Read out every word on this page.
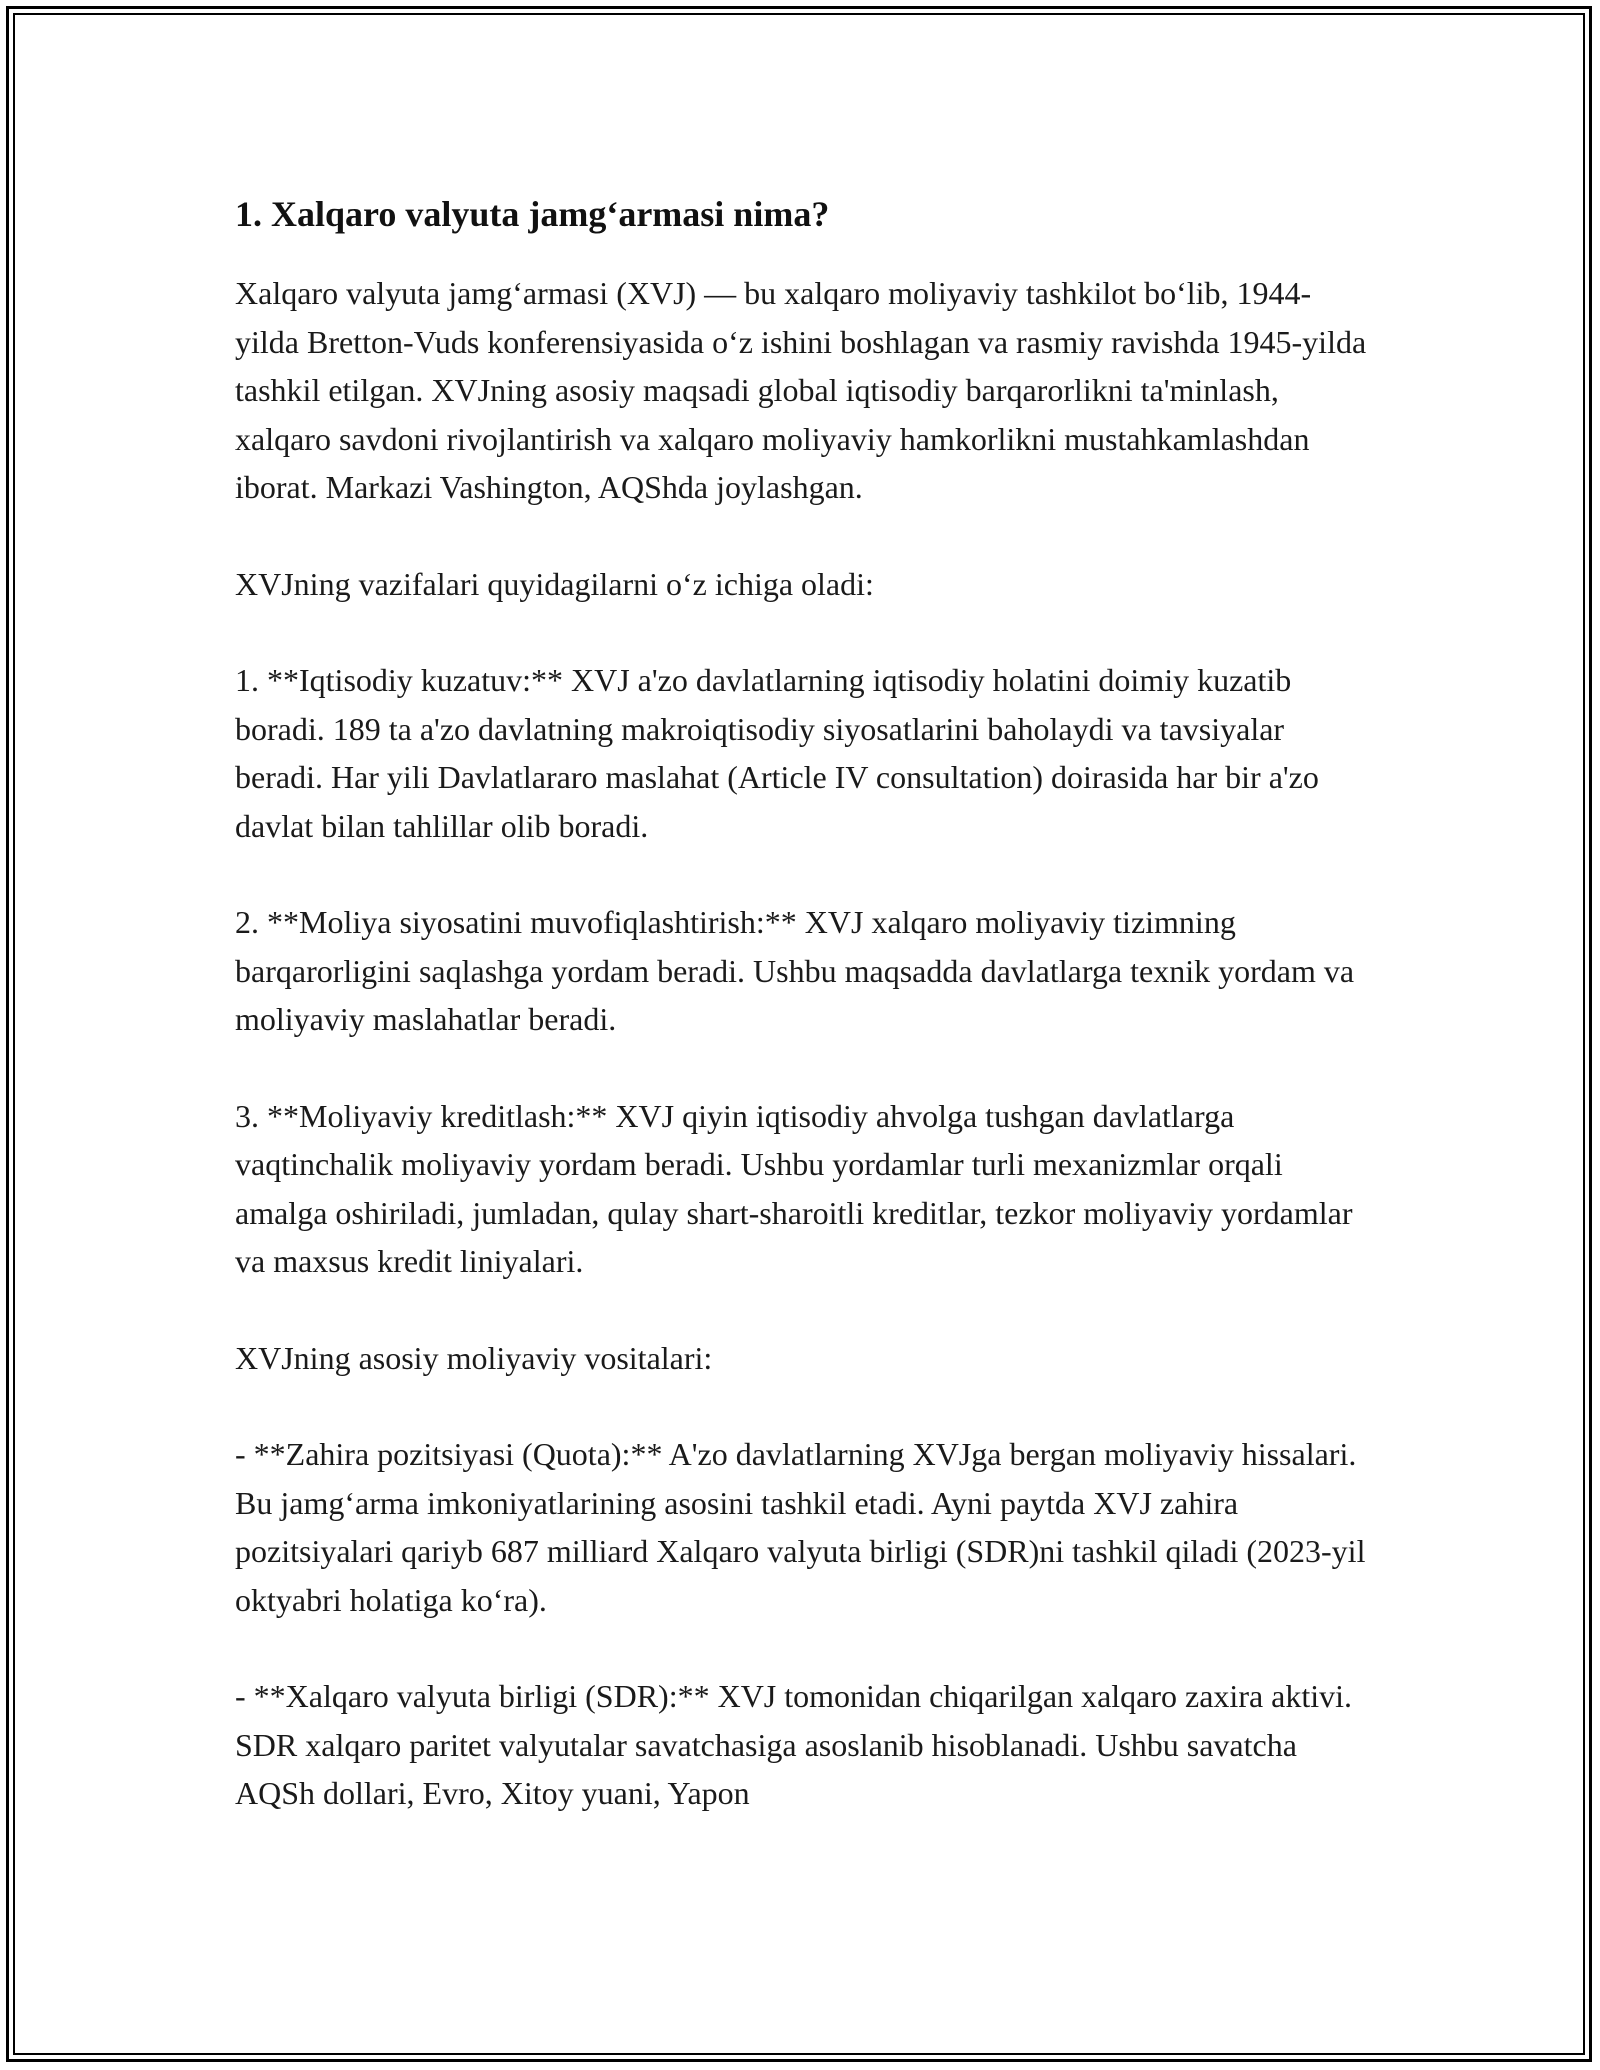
1. Xalqaro valyuta jamg‘armasi nima?

Xalqaro valyuta jamg‘armasi (XVJ) — bu xalqaro moliyaviy tashkilot bo‘lib, 1944-yilda Bretton-Vuds konferensiyasida o‘z ishini boshlagan va rasmiy ravishda 1945-yilda tashkil etilgan. XVJning asosiy maqsadi global iqtisodiy barqarorlikni ta'minlash, xalqaro savdoni rivojlantirish va xalqaro moliyaviy hamkorlikni mustahkamlashdan iborat. Markazi Vashington, AQShda joylashgan.

XVJning vazifalari quyidagilarni o‘z ichiga oladi:

1. **Iqtisodiy kuzatuv:** XVJ a'zo davlatlarning iqtisodiy holatini doimiy kuzatib boradi. 189 ta a'zo davlatning makroiqtisodiy siyosatlarini baholaydi va tavsiyalar beradi. Har yili Davlatlararo maslahat (Article IV consultation) doirasida har bir a'zo davlat bilan tahlillar olib boradi.

2. **Moliya siyosatini muvofiqlashtirish:** XVJ xalqaro moliyaviy tizimning barqarorligini saqlashga yordam beradi. Ushbu maqsadda davlatlarga texnik yordam va moliyaviy maslahatlar beradi.

3. **Moliyaviy kreditlash:** XVJ qiyin iqtisodiy ahvolga tushgan davlatlarga vaqtinchalik moliyaviy yordam beradi. Ushbu yordamlar turli mexanizmlar orqali amalga oshiriladi, jumladan, qulay shart-sharoitli kreditlar, tezkor moliyaviy yordamlar va maxsus kredit liniyalari.

XVJning asosiy moliyaviy vositalari:

- **Zahira pozitsiyasi (Quota):** A'zo davlatlarning XVJga bergan moliyaviy hissalari. Bu jamg‘arma imkoniyatlarining asosini tashkil etadi. Ayni paytda XVJ zahira pozitsiyalari qariyb 687 milliard Xalqaro valyuta birligi (SDR)ni tashkil qiladi (2023-yil oktyabri holatiga ko‘ra).

- **Xalqaro valyuta birligi (SDR):** XVJ tomonidan chiqarilgan xalqaro zaxira aktivi. SDR xalqaro paritet valyutalar savatchasiga asoslanib hisoblanadi. Ushbu savatcha AQSh dollari, Evro, Xitoy yuani, Yapon
